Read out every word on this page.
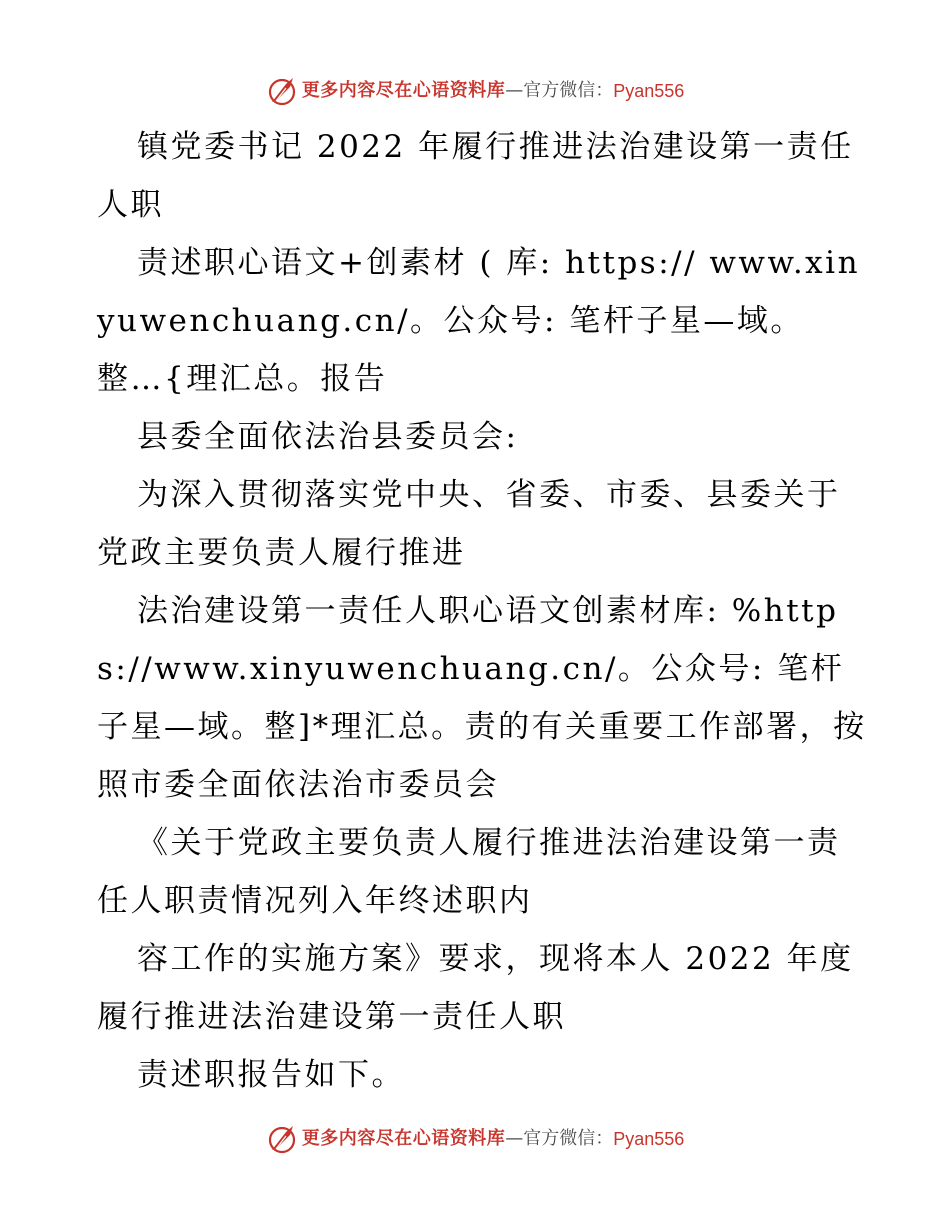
更多内容尽在心语资料库 — 官方微信： Pyan556

镇党委书记 2022 年履行推进法治建设第一责任人职

责述职心语文+创素材 ( 库: https:// www.xinyuwenchuang.cn/。公众号: 笔杆子星—域。整…{理汇总。报告

县委全面依法治县委员会:

为深入贯彻落实党中央、省委、市委、县委关于党政主要负责人履行推进

法治建设第一责任人职心语文创素材库: %https://www.xinyuwenchuang.cn/。公众号: 笔杆子星—域。整]*理汇总。责的有关重要工作部署，按照市委全面依法治市委员会

《关于党政主要负责人履行推进法治建设第一责任人职责情况列入年终述职内

容工作的实施方案》要求，现将本人 2022 年度履行推进法治建设第一责任人职

责述职报告如下。

更多内容尽在心语资料库 — 官方微信： Pyan556
